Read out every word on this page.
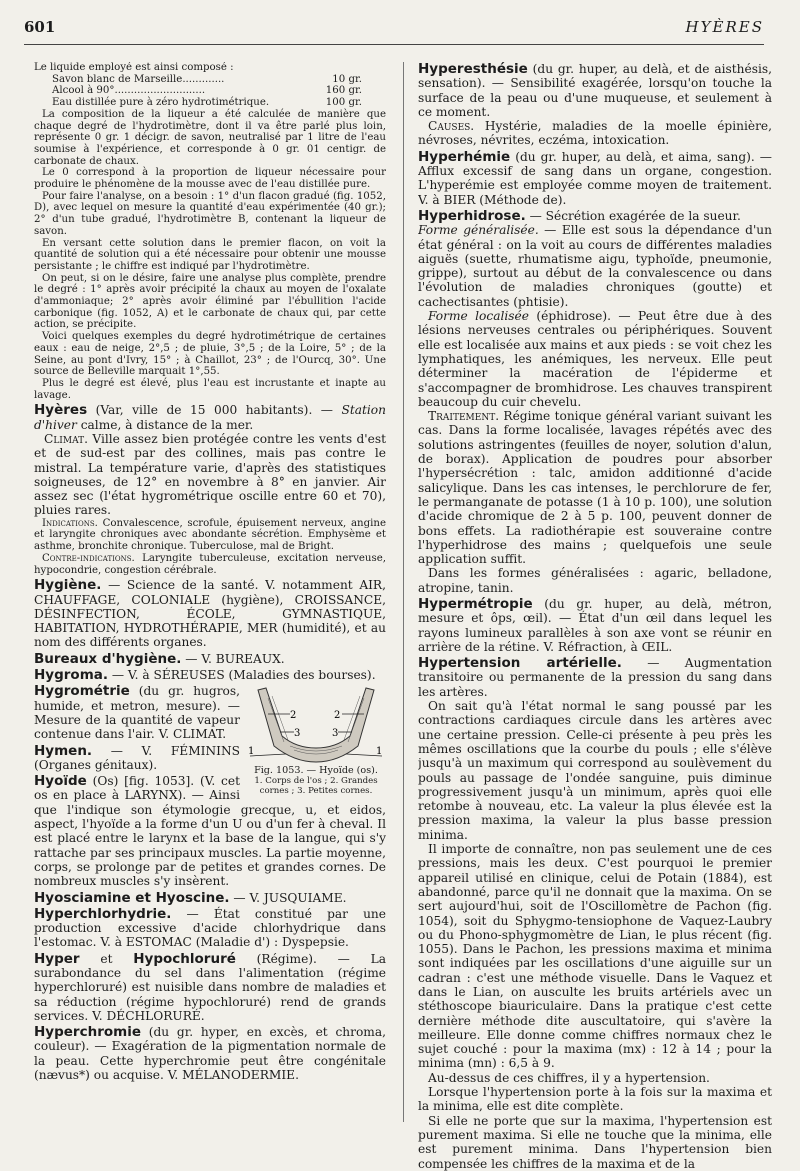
601	HYÈRES

Le liquide employé est ainsi composé :

Savon blanc de Marseille.............	10 gr.
Alcool à 90°............................	160 gr.
Eau distillée pure à zéro hydrotimétrique.	100 gr.

La composition de la liqueur a été calculée de manière que chaque degré de l'hydrotimètre, dont il va être parlé plus loin, représente 0 gr. 1 décigr. de savon, neutralisé par 1 litre de l'eau soumise à l'expérience, et corresponde à 0 gr. 01 centigr. de carbonate de chaux.

Le 0 correspond à la proportion de liqueur nécessaire pour produire le phénomène de la mousse avec de l'eau distillée pure.

Pour faire l'analyse, on a besoin : 1° d'un flacon gradué (fig. 1052, D), avec lequel on mesure la quantité d'eau expérimentée (40 gr.); 2° d'un tube gradué, l'hydrotimètre B, contenant la liqueur de savon.

En versant cette solution dans le premier flacon, on voit la quantité de solution qui a été nécessaire pour obtenir une mousse persistante ; le chiffre est indiqué par l'hydrotimètre.

On peut, si on le désire, faire une analyse plus complète, prendre le degré : 1° après avoir précipité la chaux au moyen de l'oxalate d'ammoniaque; 2° après avoir éliminé par l'ébullition l'acide carbonique (fig. 1052, A) et le carbonate de chaux qui, par cette action, se précipite.

Voici quelques exemples du degré hydrotimétrique de certaines eaux : eau de neige, 2°,5 ; de pluie, 3°,5 ; de la Loire, 5° ; de la Seine, au pont d'Ivry, 15° ; à Chaillot, 23° ; de l'Ourcq, 30°. Une source de Belleville marquait 1°,55.

Plus le degré est élevé, plus l'eau est incrustante et inapte au lavage.

Hyères (Var, ville de 15 000 habitants). — Station d'hiver calme, à distance de la mer.

Climat. Ville assez bien protégée contre les vents d'est et de sud-est par des collines, mais pas contre le mistral. La température varie, d'après des statistiques soigneuses, de 12° en novembre à 8° en janvier. Air assez sec (l'état hygrométrique oscille entre 60 et 70), pluies rares.

Indications. Convalescence, scrofule, épuisement nerveux, angine et laryngite chroniques avec abondante sécrétion. Emphysème et asthme, bronchite chronique. Tuberculose, mal de Bright.

Contre-indications. Laryngite tuberculeuse, excitation nerveuse, hypocondrie, congestion cérébrale.

Hygiène. — Science de la santé. V. notamment AIR, CHAUFFAGE, COLONIALE (hygiène), CROISSANCE, DÉSINFECTION, ÉCOLE, GYMNASTIQUE, HABITATION, HYDROTHÉRAPIE, MER (humidité), et au nom des différents organes.

Bureaux d'hygiène. — V. BUREAUX.

Hygroma. — V. à SÉREUSES (Maladies des bourses).

1
2
3
2
3
1

Fig. 1053. — Hyoïde (os).

1. Corps de l'os ; 2. Grandes cornes ; 3. Petites cornes.

Hygrométrie (du gr. hugros, humide, et metron, mesure). — Mesure de la quantité de vapeur contenue dans l'air. V. CLIMAT.

Hymen. — V. FÉMININS (Organes génitaux).

Hyoïde (Os) [fig. 1053]. (V. cet os en place à LARYNX). — Ainsi que l'indique son étymologie grecque, u, et eidos, aspect, l'hyoïde a la forme d'un U ou d'un fer à cheval. Il est placé entre le larynx et la base de la langue, qui s'y rattache par ses principaux muscles. La partie moyenne, corps, se prolonge par de petites et grandes cornes. De nombreux muscles s'y insèrent.

Hyosciamine et Hyoscine. — V. JUSQUIAME.

Hyperchlorhydrie. — État constitué par une production excessive d'acide chlorhydrique dans l'estomac. V. à ESTOMAC (Maladie d') : Dyspepsie.

Hyper et Hypochloruré (Régime). — La surabondance du sel dans l'alimentation (régime hyperchloruré) est nuisible dans nombre de maladies et sa réduction (régime hypochloruré) rend de grands services. V. DÉCHLORURÉ.

Hyperchromie (du gr. hyper, en excès, et chroma, couleur). — Exagération de la pigmentation normale de la peau. Cette hyperchromie peut être congénitale (nævus*) ou acquise. V. MÉLANODERMIE.

Hyperesthésie (du gr. huper, au delà, et de aisthésis, sensation). — Sensibilité exagérée, lorsqu'on touche la surface de la peau ou d'une muqueuse, et seulement à ce moment.

Causes. Hystérie, maladies de la moelle épinière, névroses, névrites, eczéma, intoxication.

Hyperhémie (du gr. huper, au delà, et aima, sang). — Afflux excessif de sang dans un organe, congestion. L'hyperémie est employée comme moyen de traitement. V. à BIER (Méthode de).

Hyperhidrose. — Sécrétion exagérée de la sueur.

Forme généralisée. — Elle est sous la dépendance d'un état général : on la voit au cours de différentes maladies aiguës (suette, rhumatisme aigu, typhoïde, pneumonie, grippe), surtout au début de la convalescence ou dans l'évolution de maladies chroniques (goutte) et cachectisantes (phtisie).

Forme localisée (éphidrose). — Peut être due à des lésions nerveuses centrales ou périphériques. Souvent elle est localisée aux mains et aux pieds : se voit chez les lymphatiques, les anémiques, les nerveux. Elle peut déterminer la macération de l'épiderme et s'accompagner de bromhidrose. Les chauves transpirent beaucoup du cuir chevelu.

Traitement. Régime tonique général variant suivant les cas. Dans la forme localisée, lavages répétés avec des solutions astringentes (feuilles de noyer, solution d'alun, de borax). Application de poudres pour absorber l'hypersécrétion : talc, amidon additionné d'acide salicylique. Dans les cas intenses, le perchlorure de fer, le permanganate de potasse (1 à 10 p. 100), une solution d'acide chromique de 2 à 5 p. 100, peuvent donner de bons effets. La radiothérapie est souveraine contre l'hyperhidrose des mains ; quelquefois une seule application suffit.

Dans les formes généralisées : agaric, belladone, atropine, tanin.

Hypermétropie (du gr. huper, au delà, métron, mesure et ôps, œil). — État d'un œil dans lequel les rayons lumineux parallèles à son axe vont se réunir en arrière de la rétine. V. Réfraction, à ŒIL.

Hypertension artérielle. — Augmentation transitoire ou permanente de la pression du sang dans les artères.

On sait qu'à l'état normal le sang poussé par les contractions cardiaques circule dans les artères avec une certaine pression. Celle-ci présente à peu près les mêmes oscillations que la courbe du pouls ; elle s'élève jusqu'à un maximum qui correspond au soulèvement du pouls au passage de l'ondée sanguine, puis diminue progressivement jusqu'à un minimum, après quoi elle retombe à nouveau, etc. La valeur la plus élevée est la pression maxima, la valeur la plus basse pression minima.

Il importe de connaître, non pas seulement une de ces pressions, mais les deux. C'est pourquoi le premier appareil utilisé en clinique, celui de Potain (1884), est abandonné, parce qu'il ne donnait que la maxima. On se sert aujourd'hui, soit de l'Oscillomètre de Pachon (fig. 1054), soit du Sphygmo-tensiophone de Vaquez-Laubry ou du Phono-sphygmomètre de Lian, le plus récent (fig. 1055). Dans le Pachon, les pressions maxima et minima sont indiquées par les oscillations d'une aiguille sur un cadran : c'est une méthode visuelle. Dans le Vaquez et dans le Lian, on ausculte les bruits artériels avec un stéthoscope biauriculaire. Dans la pratique c'est cette dernière méthode dite auscultatoire, qui s'avère la meilleure. Elle donne comme chiffres normaux chez le sujet couché : pour la maxima (mx) : 12 à 14 ; pour la minima (mn) : 6,5 à 9.

Au-dessus de ces chiffres, il y a hypertension.

Lorsque l'hypertension porte à la fois sur la maxima et la minima, elle est dite complète.

Si elle ne porte que sur la maxima, l'hypertension est purement maxima. Si elle ne touche que la minima, elle est purement minima. Dans l'hypertension bien compensée les chiffres de la maxima et de la
